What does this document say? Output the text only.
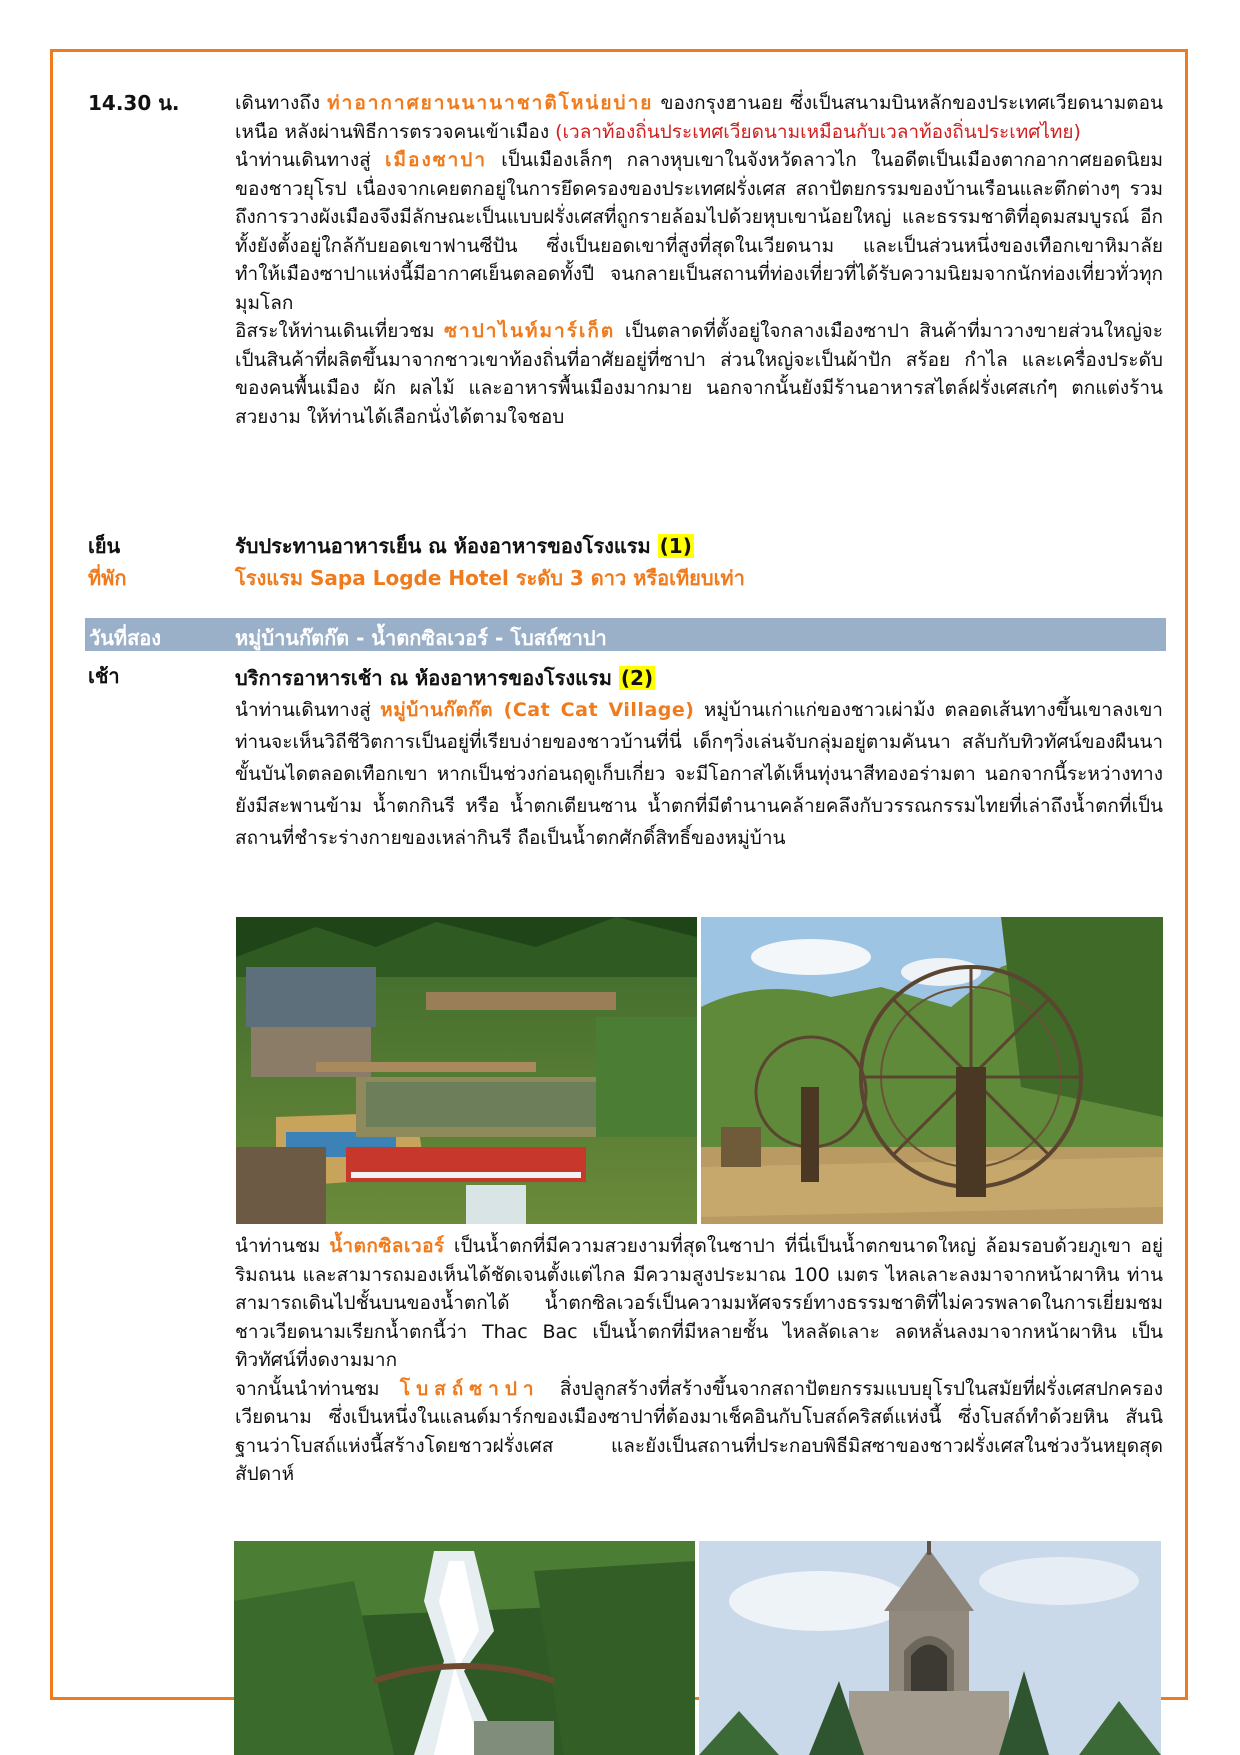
14.30 น.	เดินทางถึง ท่าอากาศยานนานาชาติโหน่ยบ่าย ของกรุงฮานอย ซึ่งเป็นสนามบินหลักของประเทศเวียดนามตอนเหนือ หลังผ่านพิธีการตรวจคนเข้าเมือง (เวลาท้องถิ่นประเทศเวียดนามเหมือนกับเวลาท้องถิ่นประเทศไทย)

นำท่านเดินทางสู่ เมืองซาปา เป็นเมืองเล็กๆ กลางหุบเขาในจังหวัดลาวไก ในอดีตเป็นเมืองตากอากาศยอดนิยมของชาวยุโรป เนื่องจากเคยตกอยู่ในการยึดครองของประเทศฝรั่งเศส สถาปัตยกรรมของบ้านเรือนและตึกต่างๆ รวมถึงการวางผังเมืองจึงมีลักษณะเป็นแบบฝรั่งเศสที่ถูกรายล้อมไปด้วยหุบเขาน้อยใหญ่ และธรรมชาติที่อุดมสมบูรณ์ อีกทั้งยังตั้งอยู่ใกล้กับยอดเขาฟานซีปัน ซึ่งเป็นยอดเขาที่สูงที่สุดในเวียดนาม และเป็นส่วนหนึ่งของเทือกเขาหิมาลัย ทำให้เมืองซาปาแห่งนี้มีอากาศเย็นตลอดทั้งปี จนกลายเป็นสถานที่ท่องเที่ยวที่ได้รับความนิยมจากนักท่องเที่ยวทั่วทุกมุมโลก

อิสระให้ท่านเดินเที่ยวชม ซาปาไนท์มาร์เก็ต เป็นตลาดที่ตั้งอยู่ใจกลางเมืองซาปา สินค้าที่มาวางขายส่วนใหญ่จะเป็นสินค้าที่ผลิตขึ้นมาจากชาวเขาท้องถิ่นที่อาศัยอยู่ที่ซาปา ส่วนใหญ่จะเป็นผ้าปัก สร้อย กำไล และเครื่องประดับของคนพื้นเมือง ผัก ผลไม้ และอาหารพื้นเมืองมากมาย นอกจากนั้นยังมีร้านอาหารสไตล์ฝรั่งเศสเก๋ๆ ตกแต่งร้านสวยงาม ให้ท่านได้เลือกนั่งได้ตามใจชอบ

เย็น	รับประทานอาหารเย็น ณ ห้องอาหารของโรงแรม (1)
ที่พัก	โรงแรม Sapa Logde Hotel ระดับ 3 ดาว หรือเทียบเท่า
วันที่สอง	หมู่บ้านก๊ตก๊ต - น้ำตกซิลเวอร์ - โบสถ์ซาปา
เช้า	บริการอาหารเช้า ณ ห้องอาหารของโรงแรม (2)

นำท่านเดินทางสู่ หมู่บ้านก๊ตก๊ต (Cat Cat Village) หมู่บ้านเก่าแก่ของชาวเผ่าม้ง ตลอดเส้นทางขึ้นเขาลงเขา ท่านจะเห็นวิถีชีวิตการเป็นอยู่ที่เรียบง่ายของชาวบ้านที่นี่ เด็กๆวิ่งเล่นจับกลุ่มอยู่ตามคันนา สลับกับทิวทัศน์ของผืนนาขั้นบันไดตลอดเทือกเขา หากเป็นช่วงก่อนฤดูเก็บเกี่ยว จะมีโอกาสได้เห็นทุ่งนาสีทองอร่ามตา นอกจากนี้ระหว่างทางยังมีสะพานข้าม น้ำตกกินรี หรือ น้ำตกเตียนซาน น้ำตกที่มีตำนานคล้ายคลึงกับวรรณกรรมไทยที่เล่าถึงน้ำตกที่เป็นสถานที่ชำระร่างกายของเหล่ากินรี ถือเป็นน้ำตกศักดิ์สิทธิ์ของหมู่บ้าน

นำท่านชม น้ำตกซิลเวอร์ เป็นน้ำตกที่มีความสวยงามที่สุดในซาปา ที่นี่เป็นน้ำตกขนาดใหญ่ ล้อมรอบด้วยภูเขา อยู่ริมถนน และสามารถมองเห็นได้ชัดเจนตั้งแต่ไกล มีความสูงประมาณ 100 เมตร ไหลเลาะลงมาจากหน้าผาหิน ท่านสามารถเดินไปชั้นบนของน้ำตกได้ น้ำตกซิลเวอร์เป็นความมหัศจรรย์ทางธรรมชาติที่ไม่ควรพลาดในการเยี่ยมชม ชาวเวียดนามเรียกน้ำตกนี้ว่า Thac Bac เป็นน้ำตกที่มีหลายชั้น ไหลลัดเลาะ ลดหลั่นลงมาจากหน้าผาหิน เป็นทิวทัศน์ที่งดงามมาก

จากนั้นนำท่านชม โบสถ์ซาปา สิ่งปลูกสร้างที่สร้างขึ้นจากสถาปัตยกรรมแบบยุโรปในสมัยที่ฝรั่งเศสปกครองเวียดนาม ซึ่งเป็นหนึ่งในแลนด์มาร์กของเมืองซาปาที่ต้องมาเช็คอินกับโบสถ์คริสต์แห่งนี้ ซึ่งโบสถ์ทำด้วยหิน สันนิฐานว่าโบสถ์แห่งนี้สร้างโดยชาวฝรั่งเศส และยังเป็นสถานที่ประกอบพิธีมิสซาของชาวฝรั่งเศสในช่วงวันหยุดสุดสัปดาห์
